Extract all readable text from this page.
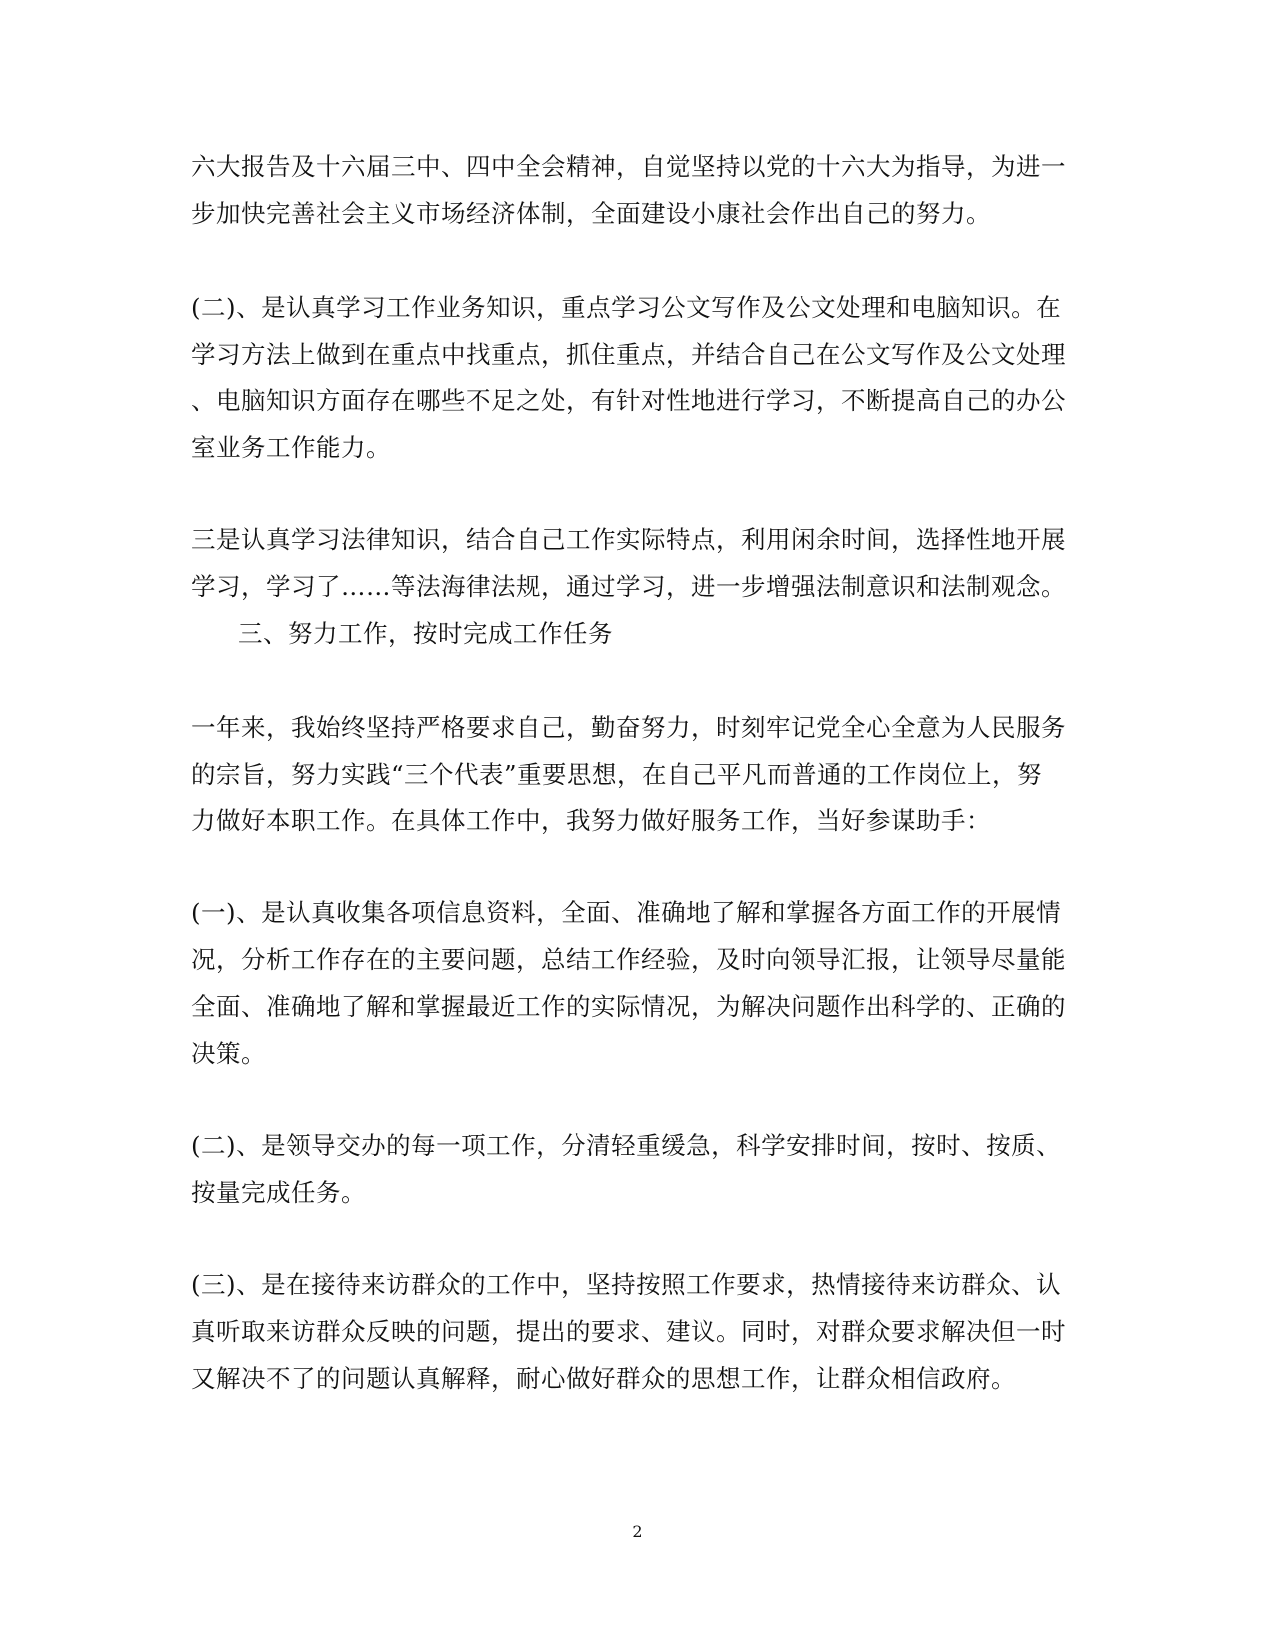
六大报告及十六届三中、四中全会精神，自觉坚持以党的十六大为指导，为进一
步加快完善社会主义市场经济体制，全面建设小康社会作出自己的努力。
(二)、是认真学习工作业务知识，重点学习公文写作及公文处理和电脑知识。在
学习方法上做到在重点中找重点，抓住重点，并结合自己在公文写作及公文处理
、电脑知识方面存在哪些不足之处，有针对性地进行学习，不断提高自己的办公
室业务工作能力。
三是认真学习法律知识，结合自己工作实际特点，利用闲余时间，选择性地开展
学习，学习了……等法海律法规，通过学习，进一步增强法制意识和法制观念。
三、努力工作，按时完成工作任务
一年来，我始终坚持严格要求自己，勤奋努力，时刻牢记党全心全意为人民服务
的宗旨，努力实践“三个代表”重要思想，在自己平凡而普通的工作岗位上，努
力做好本职工作。在具体工作中，我努力做好服务工作，当好参谋助手：
(一)、是认真收集各项信息资料，全面、准确地了解和掌握各方面工作的开展情
况，分析工作存在的主要问题，总结工作经验，及时向领导汇报，让领导尽量能
全面、准确地了解和掌握最近工作的实际情况，为解决问题作出科学的、正确的
决策。
(二)、是领导交办的每一项工作，分清轻重缓急，科学安排时间，按时、按质、
按量完成任务。
(三)、是在接待来访群众的工作中，坚持按照工作要求，热情接待来访群众、认
真听取来访群众反映的问题，提出的要求、建议。同时，对群众要求解决但一时
又解决不了的问题认真解释，耐心做好群众的思想工作，让群众相信政府。
2
